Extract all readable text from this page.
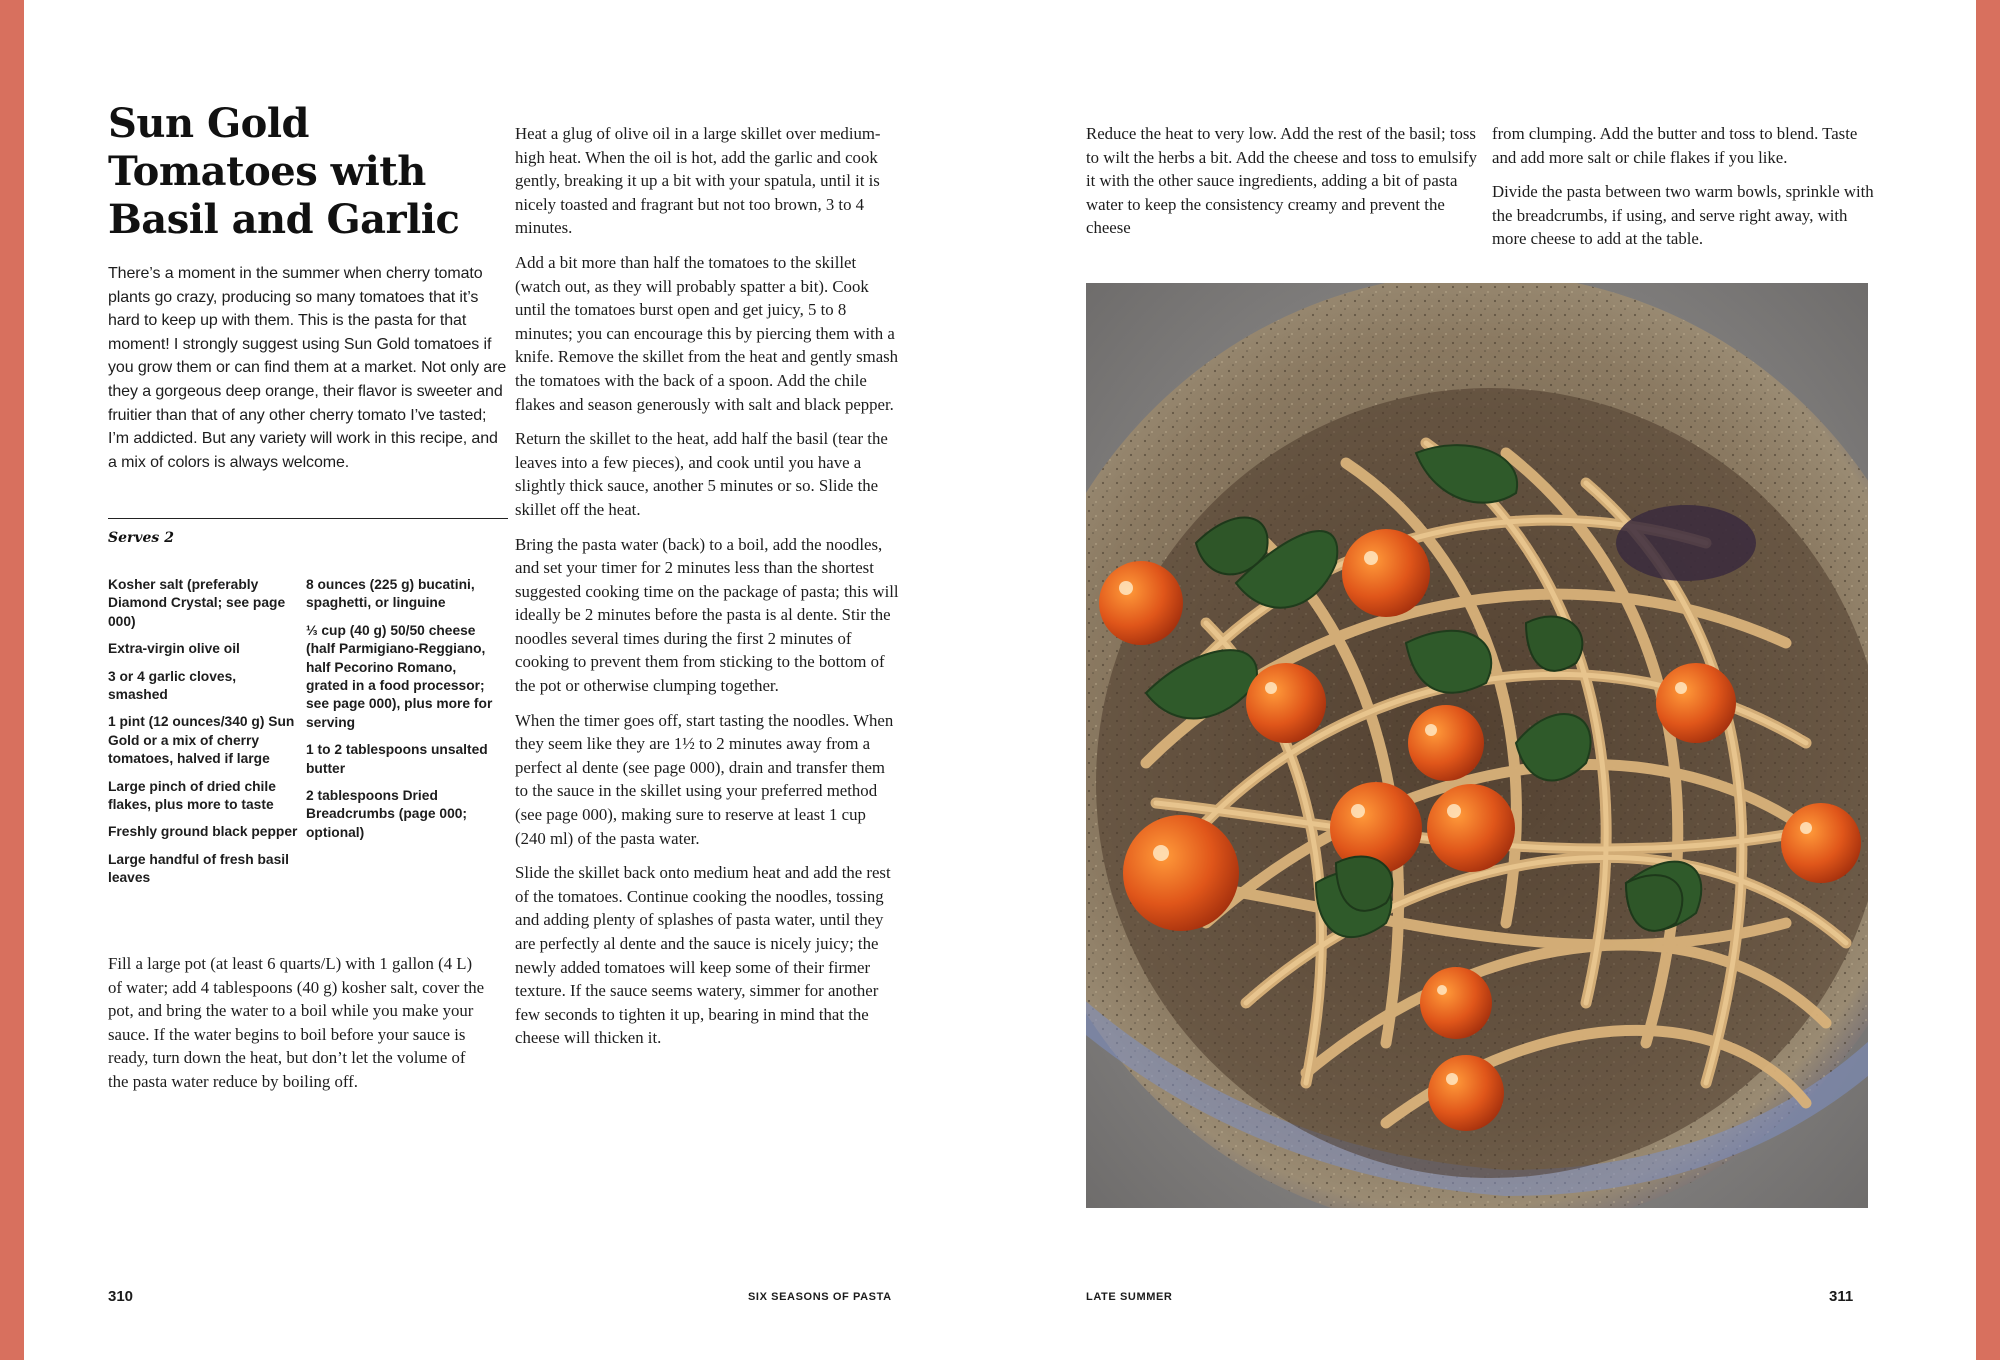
Sun Gold Tomatoes with Basil and Garlic

There’s a moment in the summer when cherry tomato plants go crazy, producing so many tomatoes that it’s hard to keep up with them. This is the pasta for that moment! I strongly suggest using Sun Gold tomatoes if you grow them or can find them at a market. Not only are they a gorgeous deep orange, their flavor is sweeter and fruitier than that of any other cherry tomato I’ve tasted; I’m addicted. But any variety will work in this recipe, and a mix of colors is always welcome.

Serves 2
Kosher salt (preferably Diamond Crystal; see page 000)
Extra-virgin olive oil
3 or 4 garlic cloves, smashed
1 pint (12 ounces/340 g) Sun Gold or a mix of cherry tomatoes, halved if large
Large pinch of dried chile flakes, plus more to taste
Freshly ground black pepper
Large handful of fresh basil leaves
8 ounces (225 g) bucatini, spaghetti, or linguine
⅓ cup (40 g) 50/50 cheese (half Parmigiano-Reggiano, half Pecorino Romano, grated in a food processor; see page 000), plus more for serving
1 to 2 tablespoons unsalted butter
2 tablespoons Dried Breadcrumbs (page 000; optional)

Fill a large pot (at least 6 quarts/L) with 1 gallon (4 L) of water; add 4 tablespoons (40 g) kosher salt, cover the pot, and bring the water to a boil while you make your sauce. If the water begins to boil before your sauce is ready, turn down the heat, but don’t let the volume of the pasta water reduce by boiling off.

Heat a glug of olive oil in a large skillet over medium-high heat. When the oil is hot, add the garlic and cook gently, breaking it up a bit with your spatula, until it is nicely toasted and fragrant but not too brown, 3 to 4 minutes.

Add a bit more than half the tomatoes to the skillet (watch out, as they will probably spatter a bit). Cook until the tomatoes burst open and get juicy, 5 to 8 minutes; you can encourage this by piercing them with a knife. Remove the skillet from the heat and gently smash the tomatoes with the back of a spoon. Add the chile flakes and season generously with salt and black pepper.

Return the skillet to the heat, add half the basil (tear the leaves into a few pieces), and cook until you have a slightly thick sauce, another 5 minutes or so. Slide the skillet off the heat.

Bring the pasta water (back) to a boil, add the noodles, and set your timer for 2 minutes less than the shortest suggested cooking time on the package of pasta; this will ideally be 2 minutes before the pasta is al dente. Stir the noodles several times during the first 2 minutes of cooking to prevent them from sticking to the bottom of the pot or otherwise clumping together.

When the timer goes off, start tasting the noodles. When they seem like they are 1½ to 2 minutes away from a perfect al dente (see page 000), drain and transfer them to the sauce in the skillet using your preferred method (see page 000), making sure to reserve at least 1 cup (240 ml) of the pasta water.

Slide the skillet back onto medium heat and add the rest of the tomatoes. Continue cooking the noodles, tossing and adding plenty of splashes of pasta water, until they are perfectly al dente and the sauce is nicely juicy; the newly added tomatoes will keep some of their firmer texture. If the sauce seems watery, simmer for another few seconds to tighten it up, bearing in mind that the cheese will thicken it.

310	SIX SEASONS OF PASTA

Reduce the heat to very low. Add the rest of the basil; toss to wilt the herbs a bit. Add the cheese and toss to emulsify it with the other sauce ingredients, adding a bit of pasta water to keep the consistency creamy and prevent the cheese

from clumping. Add the butter and toss to blend. Taste and add more salt or chile flakes if you like.

Divide the pasta between two warm bowls, sprinkle with the breadcrumbs, if using, and serve right away, with more cheese to add at the table.

LATE SUMMER	311
